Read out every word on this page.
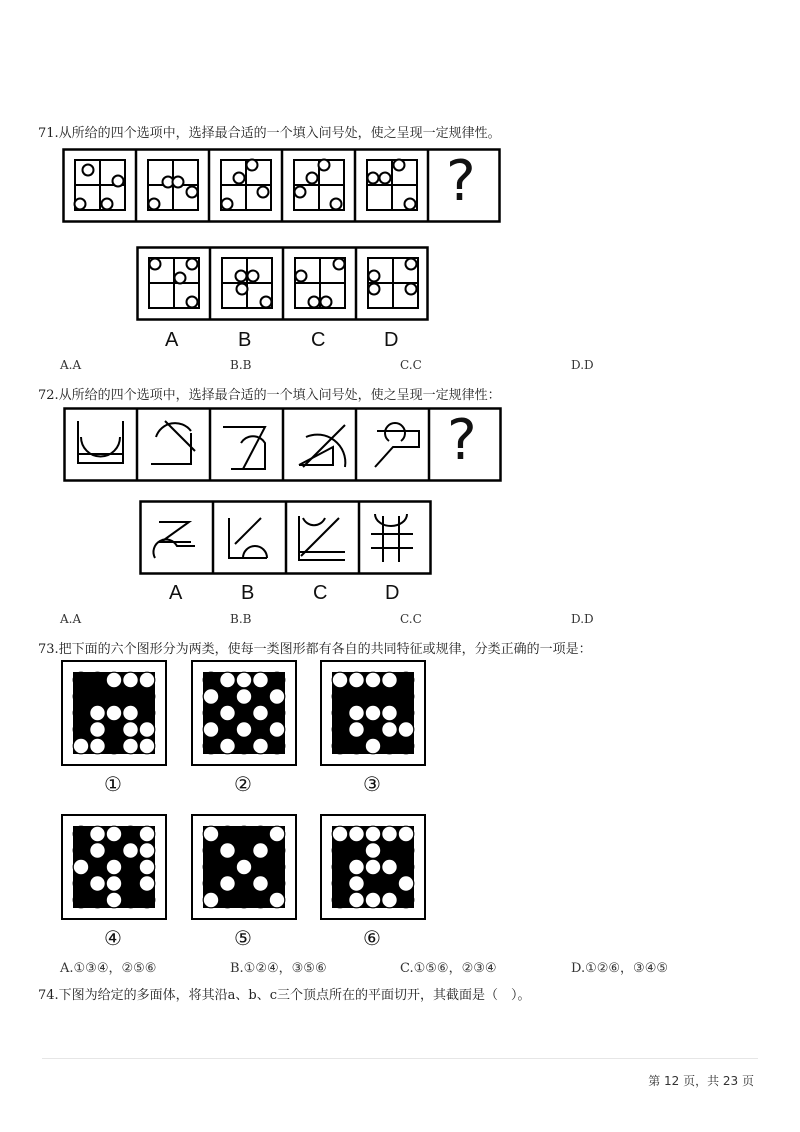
71.从所给的四个选项中，选择最合适的一个填入问号处，使之呈现一定规律性。
?
A	B	C	D
A.A	B.B	C.C	D.D
72.从所给的四个选项中，选择最合适的一个填入问号处，使之呈现一定规律性：
?
A	B	C	D
A.A	B.B	C.C	D.D
73.把下面的六个图形分为两类，使每一类图形都有各自的共同特征或规律，分类正确的一项是：
①	②	③
④	⑤	⑥
A.①③④，②⑤⑥	B.①②④，③⑤⑥	C.①⑤⑥，②③④	D.①②⑥，③④⑤
74.下图为给定的多面体，将其沿a、b、c三个顶点所在的平面切开，其截面是（　）。
第 12 页，共 23 页
